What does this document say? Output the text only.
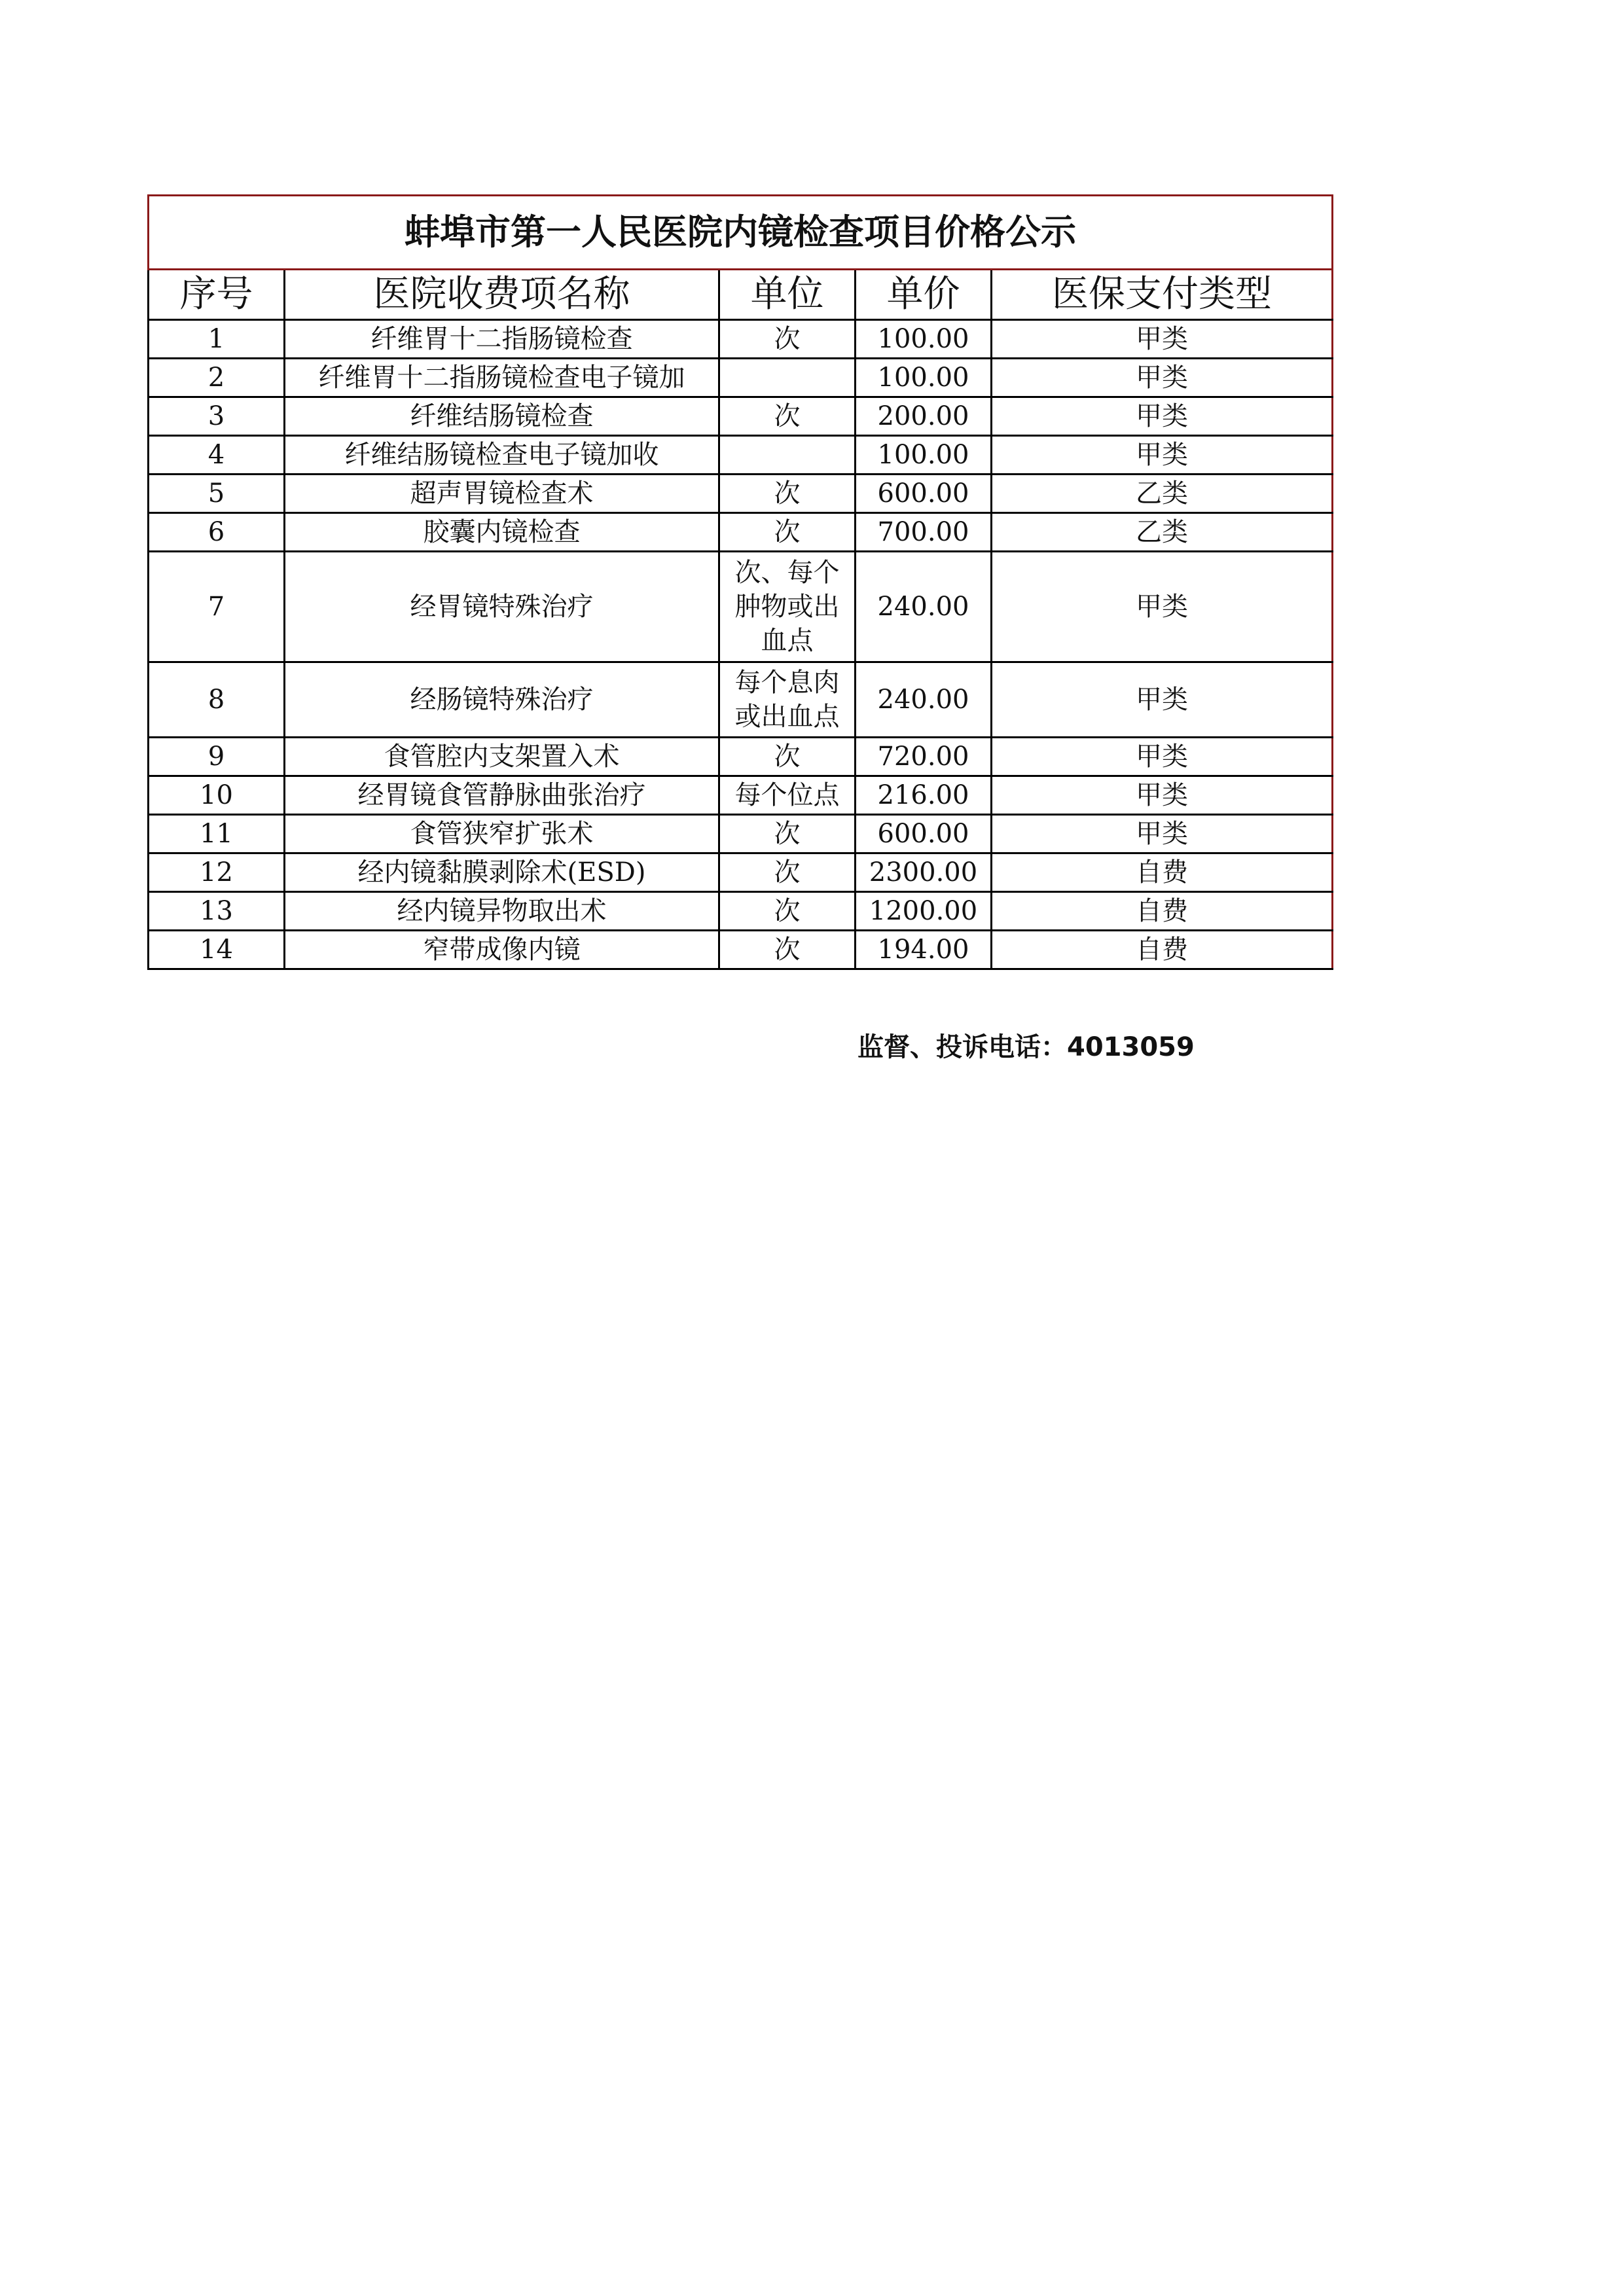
蚌埠市第一人民医院内镜检查项目价格公示				
序号	医院收费项名称	单位	单价	医保支付类型
1	纤维胃十二指肠镜检查	次	100.00	甲类
2	纤维胃十二指肠镜检查电子镜加		100.00	甲类
3	纤维结肠镜检查	次	200.00	甲类
4	纤维结肠镜检查电子镜加收		100.00	甲类
5	超声胃镜检查术	次	600.00	乙类
6	胶囊内镜检查	次	700.00	乙类
7	经胃镜特殊治疗	次、每个
肿物或出
血点	240.00	甲类
8	经肠镜特殊治疗	每个息肉
或出血点	240.00	甲类
9	食管腔内支架置入术	次	720.00	甲类
10	经胃镜食管静脉曲张治疗	每个位点	216.00	甲类
11	食管狭窄扩张术	次	600.00	甲类
12	经内镜黏膜剥除术(ESD)	次	2300.00	自费
13	经内镜异物取出术	次	1200.00	自费
14	窄带成像内镜	次	194.00	自费
监督、投诉电话：4013059
